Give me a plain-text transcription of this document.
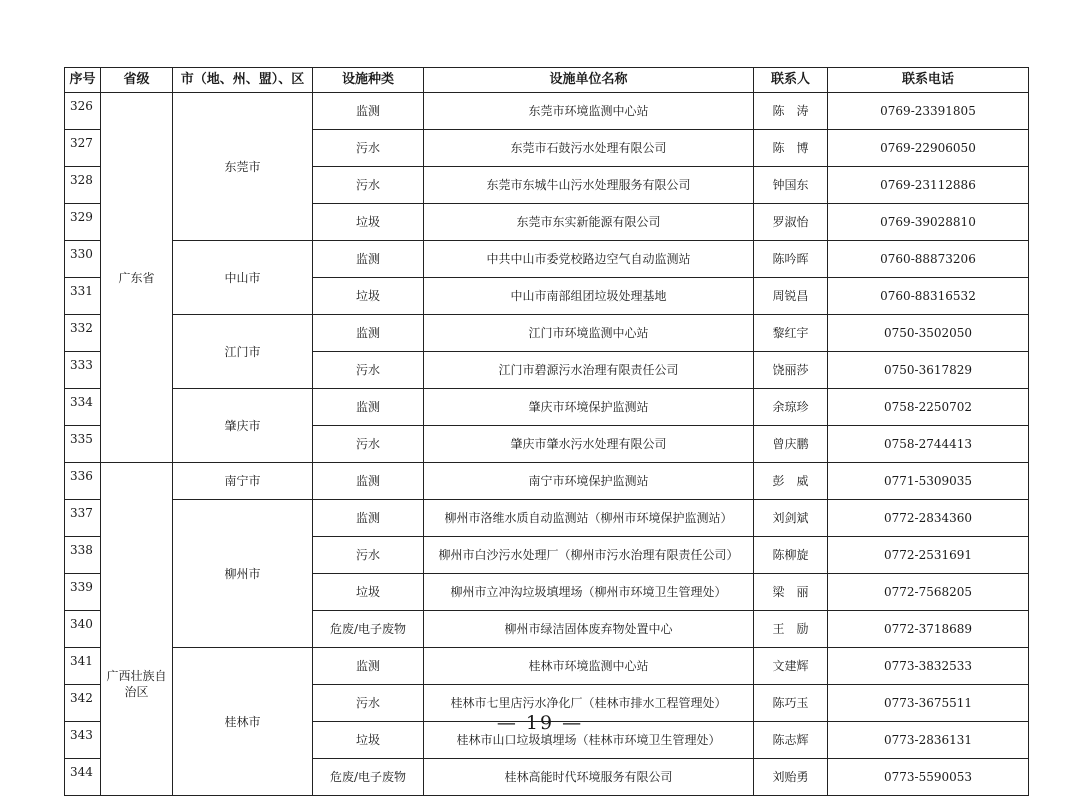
序号	省级	市（地、州、盟）、区	设施种类	设施单位名称	联系人	联系电话
326	广东省	东莞市	监测	东莞市环境监测中心站	陈　涛	0769-23391805
327			污水	东莞市石鼓污水处理有限公司	陈　博	0769-22906050
328			污水	东莞市东城牛山污水处理服务有限公司	钟国东	0769-23112886
329			垃圾	东莞市东实新能源有限公司	罗淑怡	0769-39028810
330		中山市	监测	中共中山市委党校路边空气自动监测站	陈吟晖	0760-88873206
331			垃圾	中山市南部组团垃圾处理基地	周锐昌	0760-88316532
332		江门市	监测	江门市环境监测中心站	黎红宇	0750-3502050
333			污水	江门市碧源污水治理有限责任公司	饶丽莎	0750-3617829
334		肇庆市	监测	肇庆市环境保护监测站	余琼珍	0758-2250702
335			污水	肇庆市肇水污水处理有限公司	曾庆鹏	0758-2744413
336	广西壮族自治区	南宁市	监测	南宁市环境保护监测站	彭　威	0771-5309035
337		柳州市	监测	柳州市洛维水质自动监测站（柳州市环境保护监测站）	刘剑斌	0772-2834360
338			污水	柳州市白沙污水处理厂（柳州市污水治理有限责任公司）	陈柳旋	0772-2531691
339			垃圾	柳州市立冲沟垃圾填埋场（柳州市环境卫生管理处）	梁　丽	0772-7568205
340			危废/电子废物	柳州市绿洁固体废弃物处置中心	王　励	0772-3718689
341		桂林市	监测	桂林市环境监测中心站	文建辉	0773-3832533
342			污水	桂林市七里店污水净化厂（桂林市排水工程管理处）	陈巧玉	0773-3675511
343			垃圾	桂林市山口垃圾填埋场（桂林市环境卫生管理处）	陈志辉	0773-2836131
344			危废/电子废物	桂林高能时代环境服务有限公司	刘贻勇	0773-5590053
— 19 —
